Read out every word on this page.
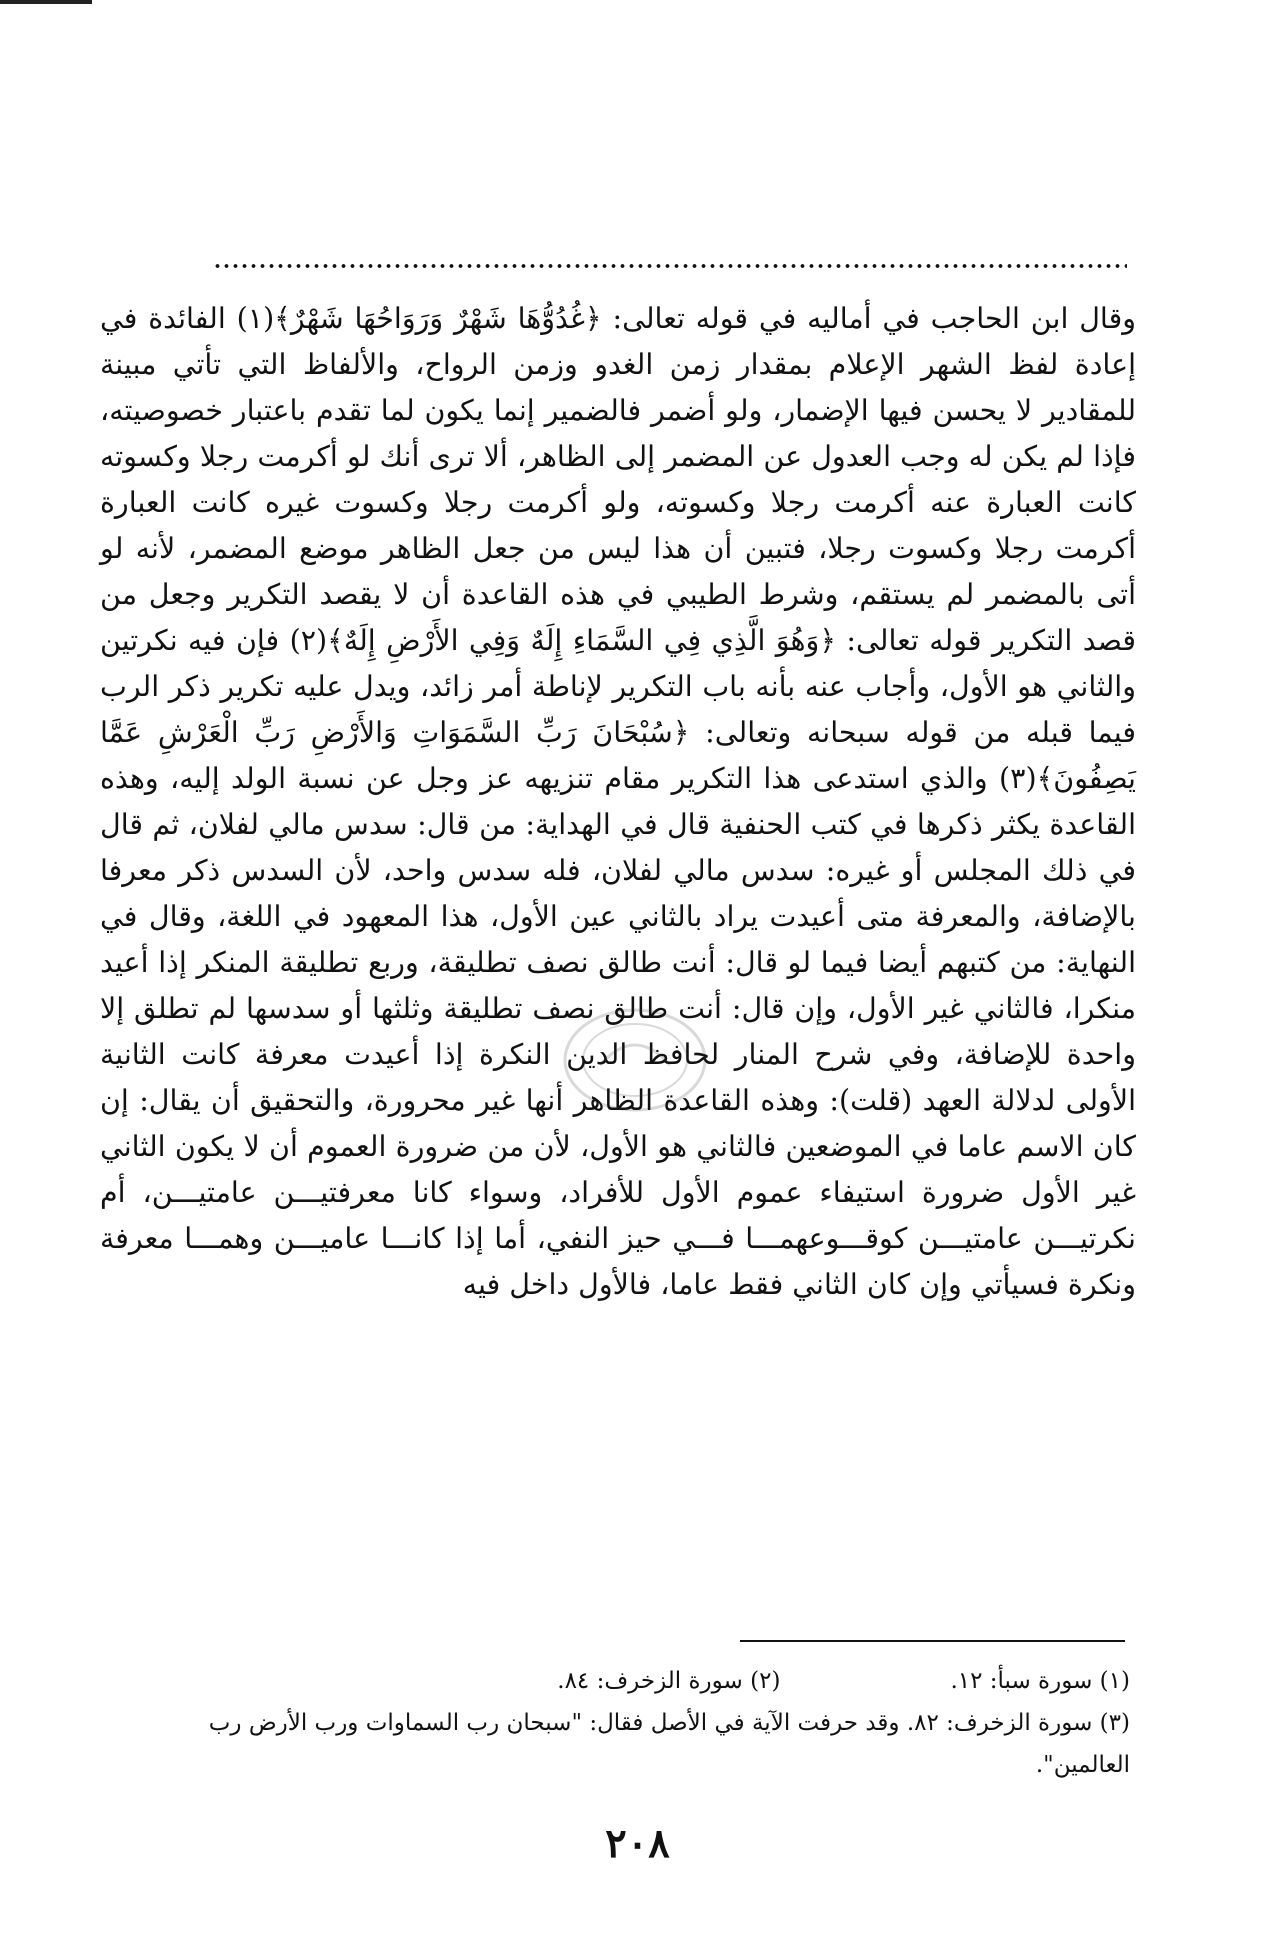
وقال ابن الحاجب في أماليه في قوله تعالى: ﴿غُدُوُّهَا شَهْرٌ وَرَوَاحُهَا شَهْرٌ﴾(١) الفائدة في إعادة لفظ الشهر الإعلام بمقدار زمن الغدو وزمن الرواح، والألفاظ التي تأتي مبينة للمقادير لا يحسن فيها الإضمار، ولو أضمر فالضمير إنما يكون لما تقدم باعتبار خصوصيته، فإذا لم يكن له وجب العدول عن المضمر إلى الظاهر، ألا ترى أنك لو أكرمت رجلا وكسوته كانت العبارة عنه أكرمت رجلا وكسوته، ولو أكرمت رجلا وكسوت غيره كانت العبارة أكرمت رجلا وكسوت رجلا، فتبين أن هذا ليس من جعل الظاهر موضع المضمر، لأنه لو أتى بالمضمر لم يستقم، وشرط الطيبي في هذه القاعدة أن لا يقصد التكرير وجعل من قصد التكرير قوله تعالى: ﴿وَهُوَ الَّذِي فِي السَّمَاءِ إِلَهٌ وَفِي الأَرْضِ إِلَهٌ﴾(٢) فإن فيه نكرتين والثاني هو الأول، وأجاب عنه بأنه باب التكرير لإناطة أمر زائد، ويدل عليه تكرير ذكر الرب فيما قبله من قوله سبحانه وتعالى: ﴿سُبْحَانَ رَبِّ السَّمَوَاتِ وَالأَرْضِ رَبِّ الْعَرْشِ عَمَّا يَصِفُونَ﴾(٣) والذي استدعى هذا التكرير مقام تنزيهه عز وجل عن نسبة الولد إليه، وهذه القاعدة يكثر ذكرها في كتب الحنفية قال في الهداية: من قال: سدس مالي لفلان، ثم قال في ذلك المجلس أو غيره: سدس مالي لفلان، فله سدس واحد، لأن السدس ذكر معرفا بالإضافة، والمعرفة متى أعيدت يراد بالثاني عين الأول، هذا المعهود في اللغة، وقال في النهاية: من كتبهم أيضا فيما لو قال: أنت طالق نصف تطليقة، وربع تطليقة المنكر إذا أعيد منكرا، فالثاني غير الأول، وإن قال: أنت طالق نصف تطليقة وثلثها أو سدسها لم تطلق إلا واحدة للإضافة، وفي شرح المنار لحافظ الدين النكرة إذا أعيدت معرفة كانت الثانية الأولى لدلالة العهد (قلت): وهذه القاعدة الظاهر أنها غير محرورة، والتحقيق أن يقال: إن كان الاسم عاما في الموضعين فالثاني هو الأول، لأن من ضرورة العموم أن لا يكون الثاني غير الأول ضرورة استيفاء عموم الأول للأفراد، وسواء كانا معرفتيـــن عامتيـــن، أم نكرتيـــن عامتيـــن كوقـــوعهمـــا فـــي حيز النفي، أما إذا كانـــا عاميـــن وهمـــا معرفة ونكرة فسيأتي وإن كان الثاني فقط عاما، فالأول داخل فيه

(١) سورة سبأ: ١٢.
(٢) سورة الزخرف: ٨٤.
(٣) سورة الزخرف: ٨٢. وقد حرفت الآية في الأصل فقال: "سبحان رب السماوات ورب الأرض رب العالمين".
٢٠٨
